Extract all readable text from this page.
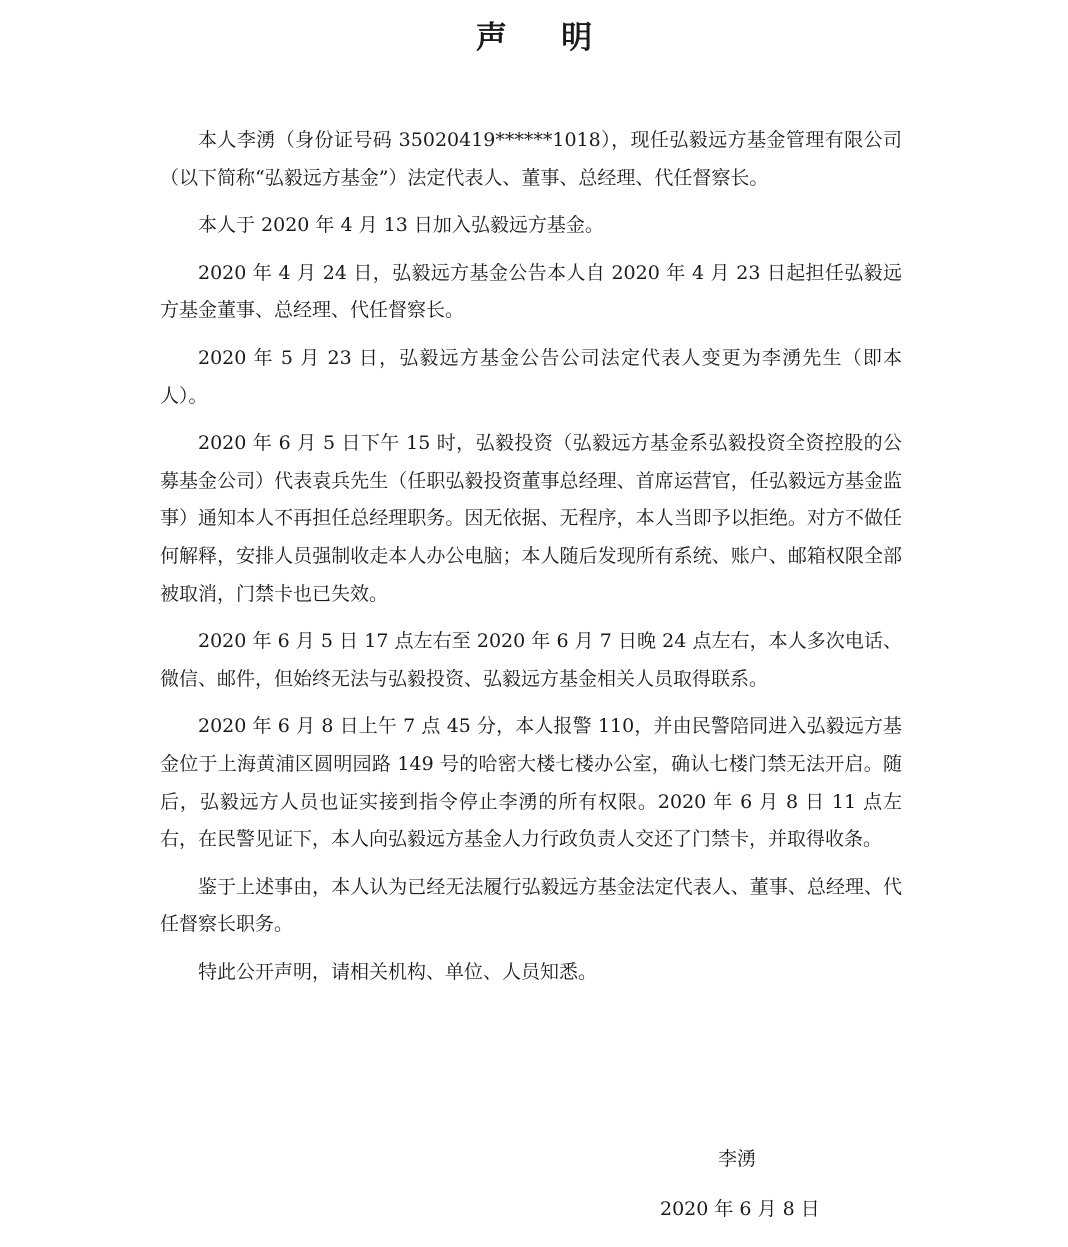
声 明

本人李湧（身份证号码 35020419******1018），现任弘毅远方基金管理有限公司（以下简称“弘毅远方基金”）法定代表人、董事、总经理、代任督察长。

本人于 2020 年 4 月 13 日加入弘毅远方基金。

2020 年 4 月 24 日，弘毅远方基金公告本人自 2020 年 4 月 23 日起担任弘毅远方基金董事、总经理、代任督察长。

2020 年 5 月 23 日，弘毅远方基金公告公司法定代表人变更为李湧先生（即本人）。

2020 年 6 月 5 日下午 15 时，弘毅投资（弘毅远方基金系弘毅投资全资控股的公募基金公司）代表袁兵先生（任职弘毅投资董事总经理、首席运营官，任弘毅远方基金监事）通知本人不再担任总经理职务。因无依据、无程序，本人当即予以拒绝。对方不做任何解释，安排人员强制收走本人办公电脑；本人随后发现所有系统、账户、邮箱权限全部被取消，门禁卡也已失效。

2020 年 6 月 5 日 17 点左右至 2020 年 6 月 7 日晚 24 点左右，本人多次电话、微信、邮件，但始终无法与弘毅投资、弘毅远方基金相关人员取得联系。

2020 年 6 月 8 日上午 7 点 45 分，本人报警 110，并由民警陪同进入弘毅远方基金位于上海黄浦区圆明园路 149 号的哈密大楼七楼办公室，确认七楼门禁无法开启。随后，弘毅远方人员也证实接到指令停止李湧的所有权限。2020 年 6 月 8 日 11 点左右，在民警见证下，本人向弘毅远方基金人力行政负责人交还了门禁卡，并取得收条。

鉴于上述事由，本人认为已经无法履行弘毅远方基金法定代表人、董事、总经理、代任督察长职务。

特此公开声明，请相关机构、单位、人员知悉。

李湧
2020 年 6 月 8 日
